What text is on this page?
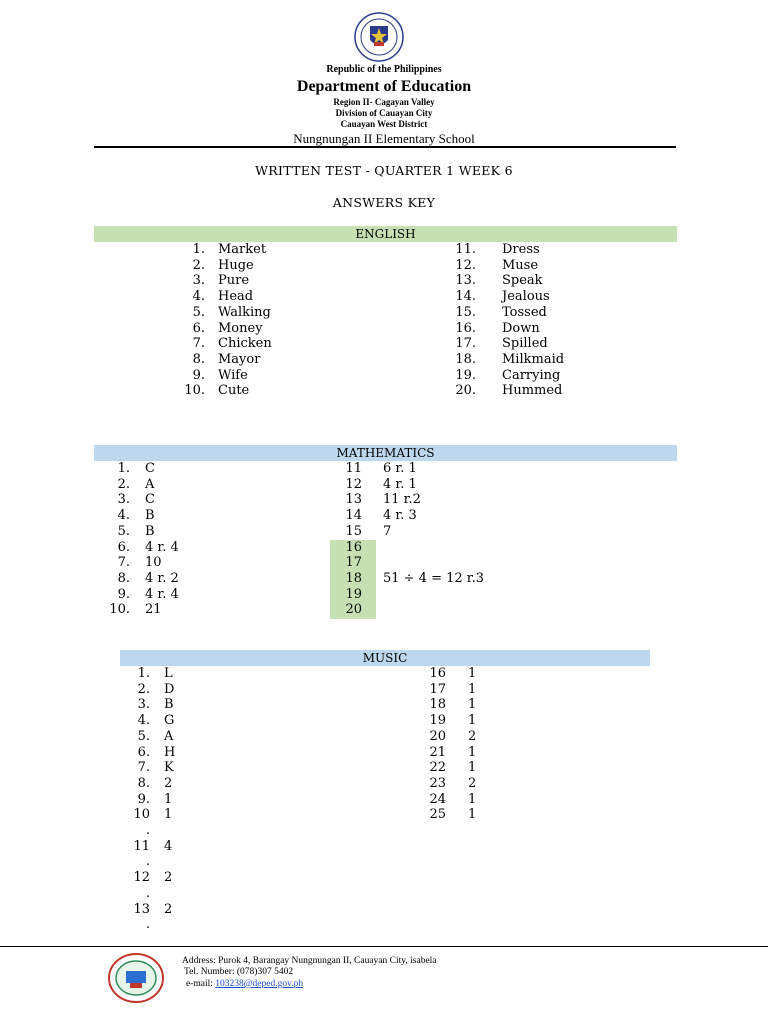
Republic of the Philippines
Department of Education
Region II- Cagayan Valley
Division of Cauayan City
Cauayan West District
Nungnungan II Elementary School
WRITTEN TEST - QUARTER 1 WEEK 6
ANSWERS KEY
ENGLISH
1. Market
2. Huge
3. Pure
4. Head
5. Walking
6. Money
7. Chicken
8. Mayor
9. Wife
10. Cute
11. Dress
12. Muse
13. Speak
14. Jealous
15. Tossed
16. Down
17. Spilled
18. Milkmaid
19. Carrying
20. Hummed
MATHEMATICS
1. C
2. A
3. C
4. B
5. B
6. 4 r. 4
7. 10
8. 4 r. 2
9. 4 r. 4
10. 21
11 6 r. 1
12 4 r. 1
13 11 r.2
14 4 r. 3
15 7
16
17
18 51 ÷ 4 = 12 r.3
19
20
MUSIC
1. L
2. D
3. B
4. G
5. A
6. H
7. K
8. 2
9. 1
10 1
.
11 4
.
12 2
.
13 2
.
16 1
17 1
18 1
19 1
20 2
21 1
22 1
23 2
24 1
25 1
Address: Purok 4, Barangay Nungnungan II, Cauayan City, isabela
Tel. Number: (078)307 5402
e-mail: 103238@deped.gov.ph
